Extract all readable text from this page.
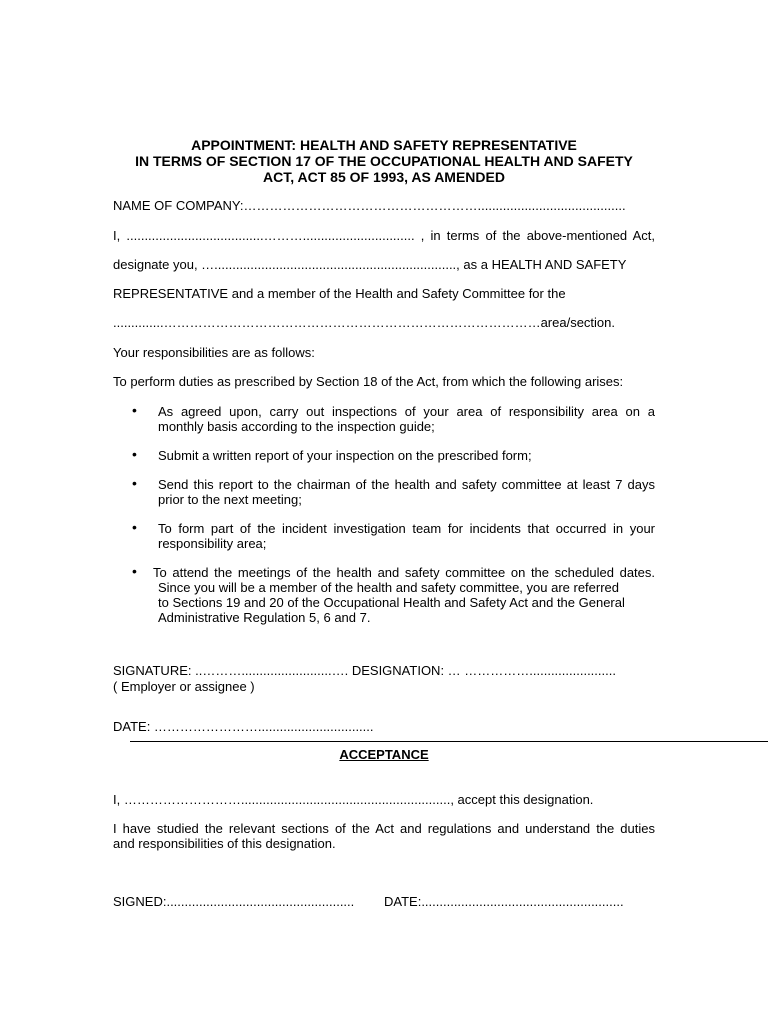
APPOINTMENT: HEALTH AND SAFETY REPRESENTATIVE
IN TERMS OF SECTION 17 OF THE OCCUPATIONAL HEALTH AND SAFETY
ACT, ACT 85 OF 1993, AS AMENDED
NAME OF COMPANY:……………………………………………….........................................
I, ......................................………............................... , in terms of the above-mentioned Act,
designate you, …..................................................................., as a HEALTH AND SAFETY
REPRESENTATIVE and a member of the Health and Safety Committee for the
..............……………………………………………………………………………area/section.
Your responsibilities are as follows:
To perform duties as prescribed by Section 18 of the Act, from which the following arises:
•	As agreed upon, carry out inspections of your area of responsibility area on a
monthly basis according to the inspection guide;
•	Submit a written report of your inspection on the prescribed form;
•	Send this report to the chairman of the health and safety committee at least 7 days
prior to the next meeting;
•	To form part of the incident investigation team for incidents that occurred in your
responsibility area;
•	To attend the meetings of the health and safety committee on the scheduled dates.
Since you will be a member of the health and safety committee, you are referred
to Sections 19 and 20 of the Occupational Health and Safety Act and the General
Administrative Regulation 5, 6 and 7.
SIGNATURE: ..……….........................…. DESIGNATION: … ……………........................
( Employer or assignee )
DATE: ……………………................................
ACCEPTANCE
I, ……………………….........................................................., accept this designation.
I have studied the relevant sections of the Act and regulations and understand the duties
and responsibilities of this designation.
SIGNED:.................................................... DATE:........................................................
